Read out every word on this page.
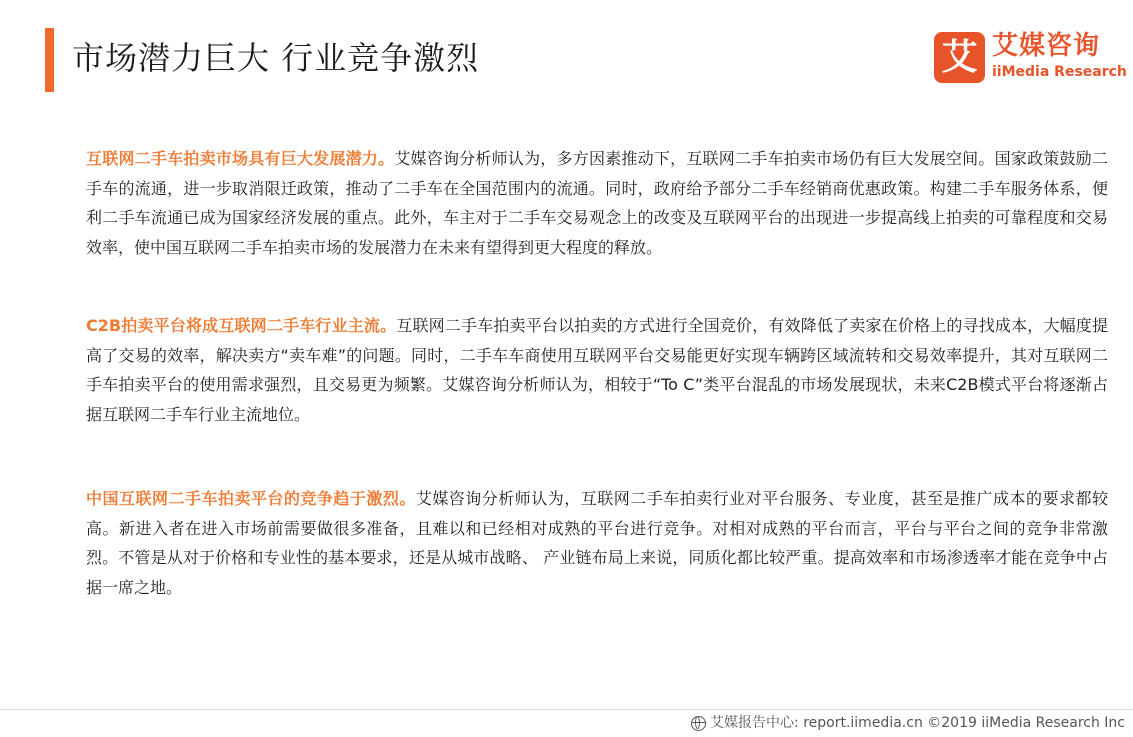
市场潜力巨大 行业竞争激烈	艾 艾媒咨询
iiMedia Research

互联网二手车拍卖市场具有巨大发展潜力。艾媒咨询分析师认为，多方因素推动下，互联网二手车拍卖市场仍有巨大发展空间。国家政策鼓励二手车的流通，进一步取消限迁政策，推动了二手车在全国范围内的流通。同时，政府给予部分二手车经销商优惠政策。构建二手车服务体系，便利二手车流通已成为国家经济发展的重点。此外，车主对于二手车交易观念上的改变及互联网平台的出现进一步提高线上拍卖的可靠程度和交易效率，使中国互联网二手车拍卖市场的发展潜力在未来有望得到更大程度的释放。

C2B拍卖平台将成互联网二手车行业主流。互联网二手车拍卖平台以拍卖的方式进行全国竞价，有效降低了卖家在价格上的寻找成本，大幅度提高了交易的效率，解决卖方“卖车难”的问题。同时，二手车车商使用互联网平台交易能更好实现车辆跨区域流转和交易效率提升，其对互联网二手车拍卖平台的使用需求强烈，且交易更为频繁。艾媒咨询分析师认为，相较于“To C”类平台混乱的市场发展现状，未来C2B模式平台将逐渐占据互联网二手车行业主流地位。

中国互联网二手车拍卖平台的竞争趋于激烈。艾媒咨询分析师认为，互联网二手车拍卖行业对平台服务、专业度，甚至是推广成本的要求都较高。新进入者在进入市场前需要做很多准备，且难以和已经相对成熟的平台进行竞争。对相对成熟的平台而言，平台与平台之间的竞争非常激烈。不管是从对于价格和专业性的基本要求，还是从城市战略、 产业链布局上来说，同质化都比较严重。提高效率和市场渗透率才能在竞争中占据一席之地。

艾媒报告中心: report.iimedia.cn ©2019 iiMedia Research Inc
